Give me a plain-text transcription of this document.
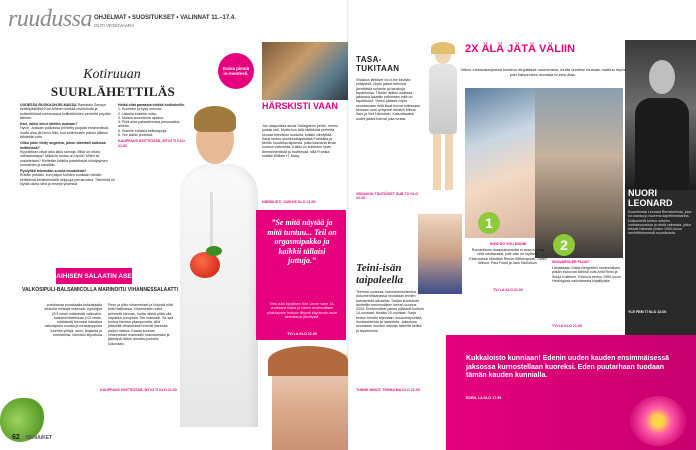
ruudussa OHJELMAT • SUOSITUKSET • VALINNAT 11.–17.4.
OUTI VESKIVAARA
Kaiva pieniä in-menteeli.
Kotiruuan
SUURLÄHETTILÄS

UUDESSA RUOKAOHJELMASSA Rantatalo Savoyn keittiöpäällikkö Kari Aihinen kiertää ravintoloita ja kotikeittiöissä kertomassa kotikeittiöiden perhettä pöydän ääreen.

Kari, miksi sinut otettiin mukaan?

Hyvin. Joissain paikoissa piti tietty joupata ensimmäisiä, mutta aina jäi hieno fiilis, kun kotimiesten pärsin jälkeen lähdettiin pois.

Oliko jokin tietty ongelma, johon törmäsit kaikissa keittiöissä?

Kyynärkset olivat aika lailla samoja. Mikä on oikea valmistustapa? Millaisia ruokia on hyviä? Miten se maustetaan? Kiellettiin kaikilla paistettavat kiihdytyksen luomainen ja karsittiin.

Pystyitkö tekemään suuria muutoksia?

Erittäin pitkään, kun paljon kohden kunkaan heidän keittiöissä kehittelemällä helppoja perusruokia. Tärkeintä oli löytää oikea idea ja resepti yhdessä.

Heikä vilat paraasta viekkä kotikokeille.

1. Kuuntele ja kysy neuvoa.

2. Uskalla kokeilla uutta.

3. Muista suunnitella ajoissa.

4. Pidä aina pakastimessa perusraaka-aineita.

5. Kokeile erilaisia keittotapoja.

6. Tee kaikki yhdessä.

KAUPPAUS KEITTIÖSSÄ, MTV3 TI KLO 21.00

AIHISEN SALAATIN ASE
VALKOSIPULI-BALSAMICOLLA MARINOITU VIHANNESSALAATTI
porkkanaa punakaalia kukkakaalia fenkolia retiisejä marinadi: rypsiöljyä (2/3 neste määrästä) valkoviini-balsamiviinietikkaa (1/3 neste-määrästä) hienoksi hakattua valkosipulia suolaa ja mustapippuria tuoreita yrttejä, esim. timjamia ja rosmariinia, hienoksi silputtuna
Pese ja pilko vihannekset ja höyrytä niitä hetki kattilassa. Vihannesten tulee pehmetä hieman, mutta niissä pitää olla napakka purupinta. Tee marinadi. Se saa tuntua hieman yliampuvalta, sillä jäämöllä vihannekset imevät itseensä paljon makua. Kaada kuumat vihannekset marinadin maustamaan ja jäähdytä niiden annaksi jouheta kokonaan.
KAUPPAUS KEITTIÖSSÄ, MTV3 TI KLO 21.00
62 MENAIKET
HÄRSKISTI VAAN
Jos naapurissa asuisi Gallagherin perhe, hermo palaisi heti. Mutta kun tätä riivittävää perhettä seuraa television ruudulta, toilailu viihdyttää. Sarja kertoo yksinhuoltajaisästä Frankista ja tämän kuudesta lapsesta, jotka kasvavat ilman kunnon valvontaa. Kaikki on kuitenkin hyvin lämminhenkistä ja huvittavaa, sillä Frankia esittää William H. Macy.
HÄRSKISTI, SUB KE KLO 21.00
”Se mitä näytää ja mitä tuntuu... Teil on orgasmipakko ja kaikkii tällaisi juttuja.”
Teini-isän lopullinen Kim Lerner tulee 14-vuotiaana isäksi ja hänen ensimmäisen pikkulapsen hoitoon liittyvät käytännön asiat aiheuttavat jännitystä.
TVI LA KLO 21.00
TASA-TUKITAAN
Viidakon lähtöset vit-vi-me kevään yhätyshtä. Myös jaksot kertovat jännittäviä suhteita ja hauskoja tapahtumia. Tämän lisäksi uudessa jaksossa lakattiin tutkimaan mitä on tapahtunut. Yleisö pääsee myös seuraamaan mitä kisat tuovat tullessaan. Mukaan ovat ryhtyneet ainakin Minna Sarv ja Sini Hänninen. Katsottavaksi uudet jaksot tulevat joka torstai.
VIIDAKON TÄHTIÖSET SUB TO KLO 22.30
2X ÄLÄ JÄTÄ VÄLIIN
Viikon elokuvatarjontaa koostuu etupäässä uusimmista, mutta onneksi mukaan mahtuu myös pari katsomisen arvoista tv-ensi-iltaa.
1
2
HOW DO YOU KNOW
Romanttinen draamakomedia ei avaa tunteita niitä odottavaksi, jolle vain ne löytävät. Elokuvassa nähdään Reese Witherspoon, Owen Wilson, Paul Rudd ja Jack Nicholson.
TVI LA KLO 21.00
SKAVAROLER PUJAT
Lahjakkaan Zaida Bergrothin ensimmäisen pitkän elokuvan tähtinä ovat Antti Reini ja Sonja Kuittinen. Elokuva kertoo 1950-luvun Helsingissä vaikuttavista kirjailijoista.
TVI LA KLO 21.00
NUORI LEONARD
Koomikosta Leonard Bernsteinista, joka loi uransa jo nuorena kapellimestarina. Dokumentti kertoo miehen varhaisvuosista ja niistä vaiheista, jotka tekivät hänestä yhden 1900-luvun merkittävimmistä muusikoista.
YLE FEM TI KLO 22.00
Teini-isän taipaleella
Teeman uudessa, kunnianhimoisessa dokumenttisarjassa seurataan teinien kasvamista aikuisiksi. Sarjan kuvaukset aloitettiin ensimmäisen kerran vuonna 2004. Ensimmäiset jaksot pääsivät tuolloin 14-vuotiaat, tänään 20-vuotiaat. Sarja kertoo heidän arjestaan, koulunkäynnistä, ihmissuhteista ja haaveista. Jaksoissa seurataan nuorten elämän tärkeitä hetkiä ja tapahtumia.
TUNNE MINUT, TEEMA MA KLO 21.00
Kukkaloisto kunniaan! Edenin uuden kauden ensimmäisessä jaksossa kurnostellaan kuoreksi. Eden puutarhaan tuodaan tämän kauden kunnialla.
EDEN, LA KLO 17.55
